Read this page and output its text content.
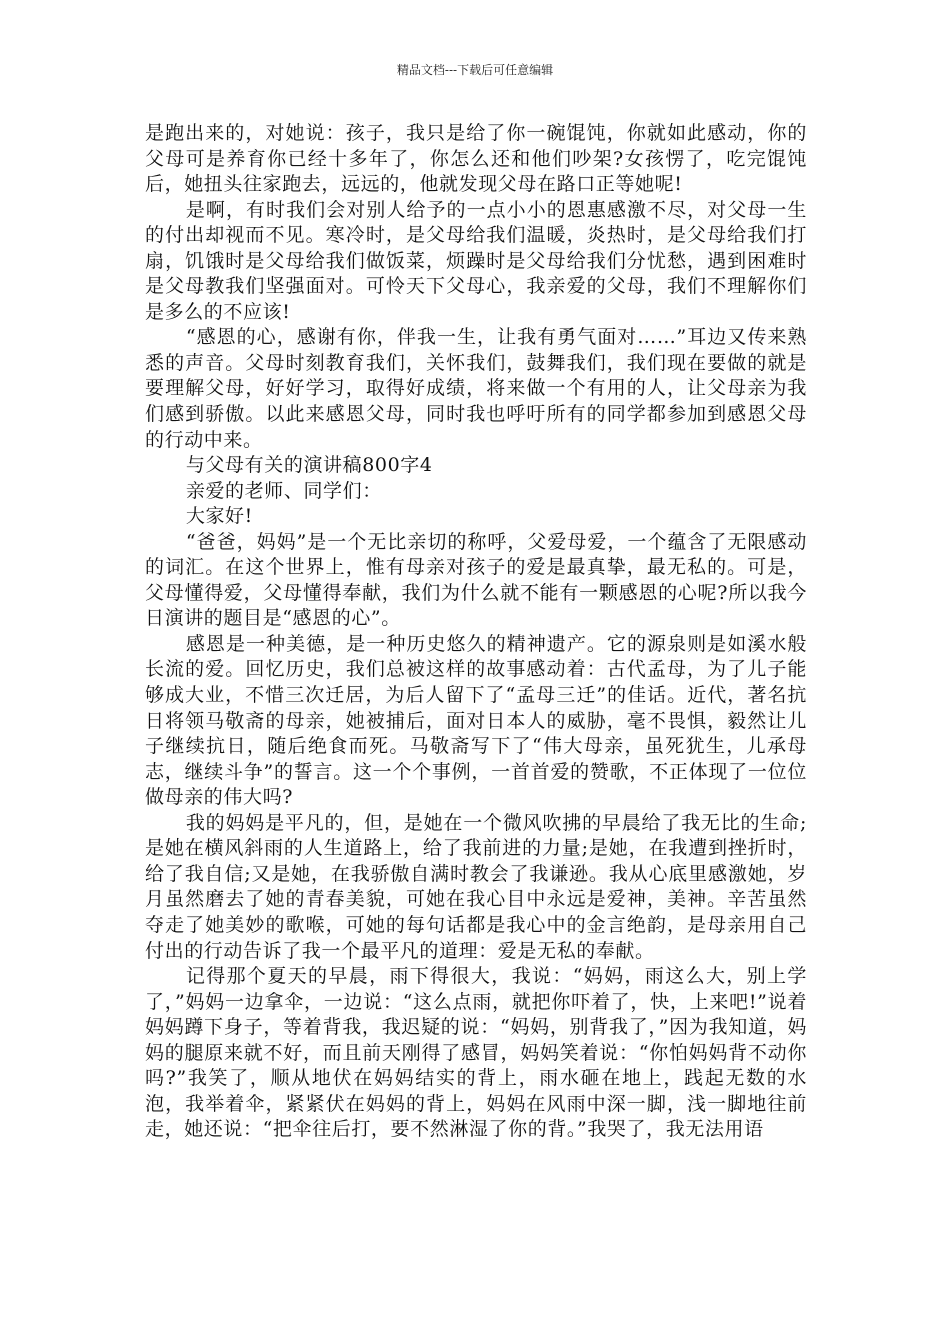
精品文档---下载后可任意编辑

是跑出来的，对她说：孩子，我只是给了你一碗馄饨，你就如此感动，你的父母可是养育你已经十多年了，你怎么还和他们吵架?女孩愣了，吃完馄饨后，她扭头往家跑去，远远的，他就发现父母在路口正等她呢!

是啊，有时我们会对别人给予的一点小小的恩惠感激不尽，对父母一生的付出却视而不见。寒冷时，是父母给我们温暖，炎热时，是父母给我们打扇，饥饿时是父母给我们做饭菜，烦躁时是父母给我们分忧愁，遇到困难时是父母教我们坚强面对。可怜天下父母心，我亲爱的父母，我们不理解你们是多么的不应该!

“感恩的心，感谢有你，伴我一生，让我有勇气面对……”耳边又传来熟悉的声音。父母时刻教育我们，关怀我们，鼓舞我们，我们现在要做的就是要理解父母，好好学习，取得好成绩，将来做一个有用的人，让父母亲为我们感到骄傲。以此来感恩父母，同时我也呼吁所有的同学都参加到感恩父母的行动中来。

与父母有关的演讲稿800字4

亲爱的老师、同学们：

大家好!

“爸爸，妈妈”是一个无比亲切的称呼，父爱母爱，一个蕴含了无限感动的词汇。在这个世界上，惟有母亲对孩子的爱是最真挚，最无私的。可是，父母懂得爱，父母懂得奉献，我们为什么就不能有一颗感恩的心呢?所以我今日演讲的题目是“感恩的心”。

感恩是一种美德，是一种历史悠久的精神遗产。它的源泉则是如溪水般长流的爱。回忆历史，我们总被这样的故事感动着：古代孟母，为了儿子能够成大业，不惜三次迁居，为后人留下了“孟母三迁”的佳话。近代，著名抗日将领马敬斋的母亲，她被捕后，面对日本人的威胁，毫不畏惧，毅然让儿子继续抗日，随后绝食而死。马敬斋写下了“伟大母亲，虽死犹生，儿承母志，继续斗争”的誓言。这一个个事例，一首首爱的赞歌，不正体现了一位位做母亲的伟大吗?

我的妈妈是平凡的，但，是她在一个微风吹拂的早晨给了我无比的生命;是她在横风斜雨的人生道路上，给了我前进的力量;是她，在我遭到挫折时，给了我自信;又是她，在我骄傲自满时教会了我谦逊。我从心底里感激她，岁月虽然磨去了她的青春美貌，可她在我心目中永远是爱神，美神。辛苦虽然夺走了她美妙的歌喉，可她的每句话都是我心中的金言绝韵，是母亲用自己付出的行动告诉了我一个最平凡的道理：爱是无私的奉献。

记得那个夏天的早晨，雨下得很大，我说：“妈妈，雨这么大，别上学了，”妈妈一边拿伞，一边说：“这么点雨，就把你吓着了，快，上来吧!”说着妈妈蹲下身子，等着背我，我迟疑的说：“妈妈，别背我了，”因为我知道，妈妈的腿原来就不好，而且前天刚得了感冒，妈妈笑着说：“你怕妈妈背不动你吗?”我笑了，顺从地伏在妈妈结实的背上，雨水砸在地上，践起无数的水泡，我举着伞，紧紧伏在妈妈的背上，妈妈在风雨中深一脚，浅一脚地往前走，她还说：“把伞往后打，要不然淋湿了你的背。”我哭了，我无法用语
